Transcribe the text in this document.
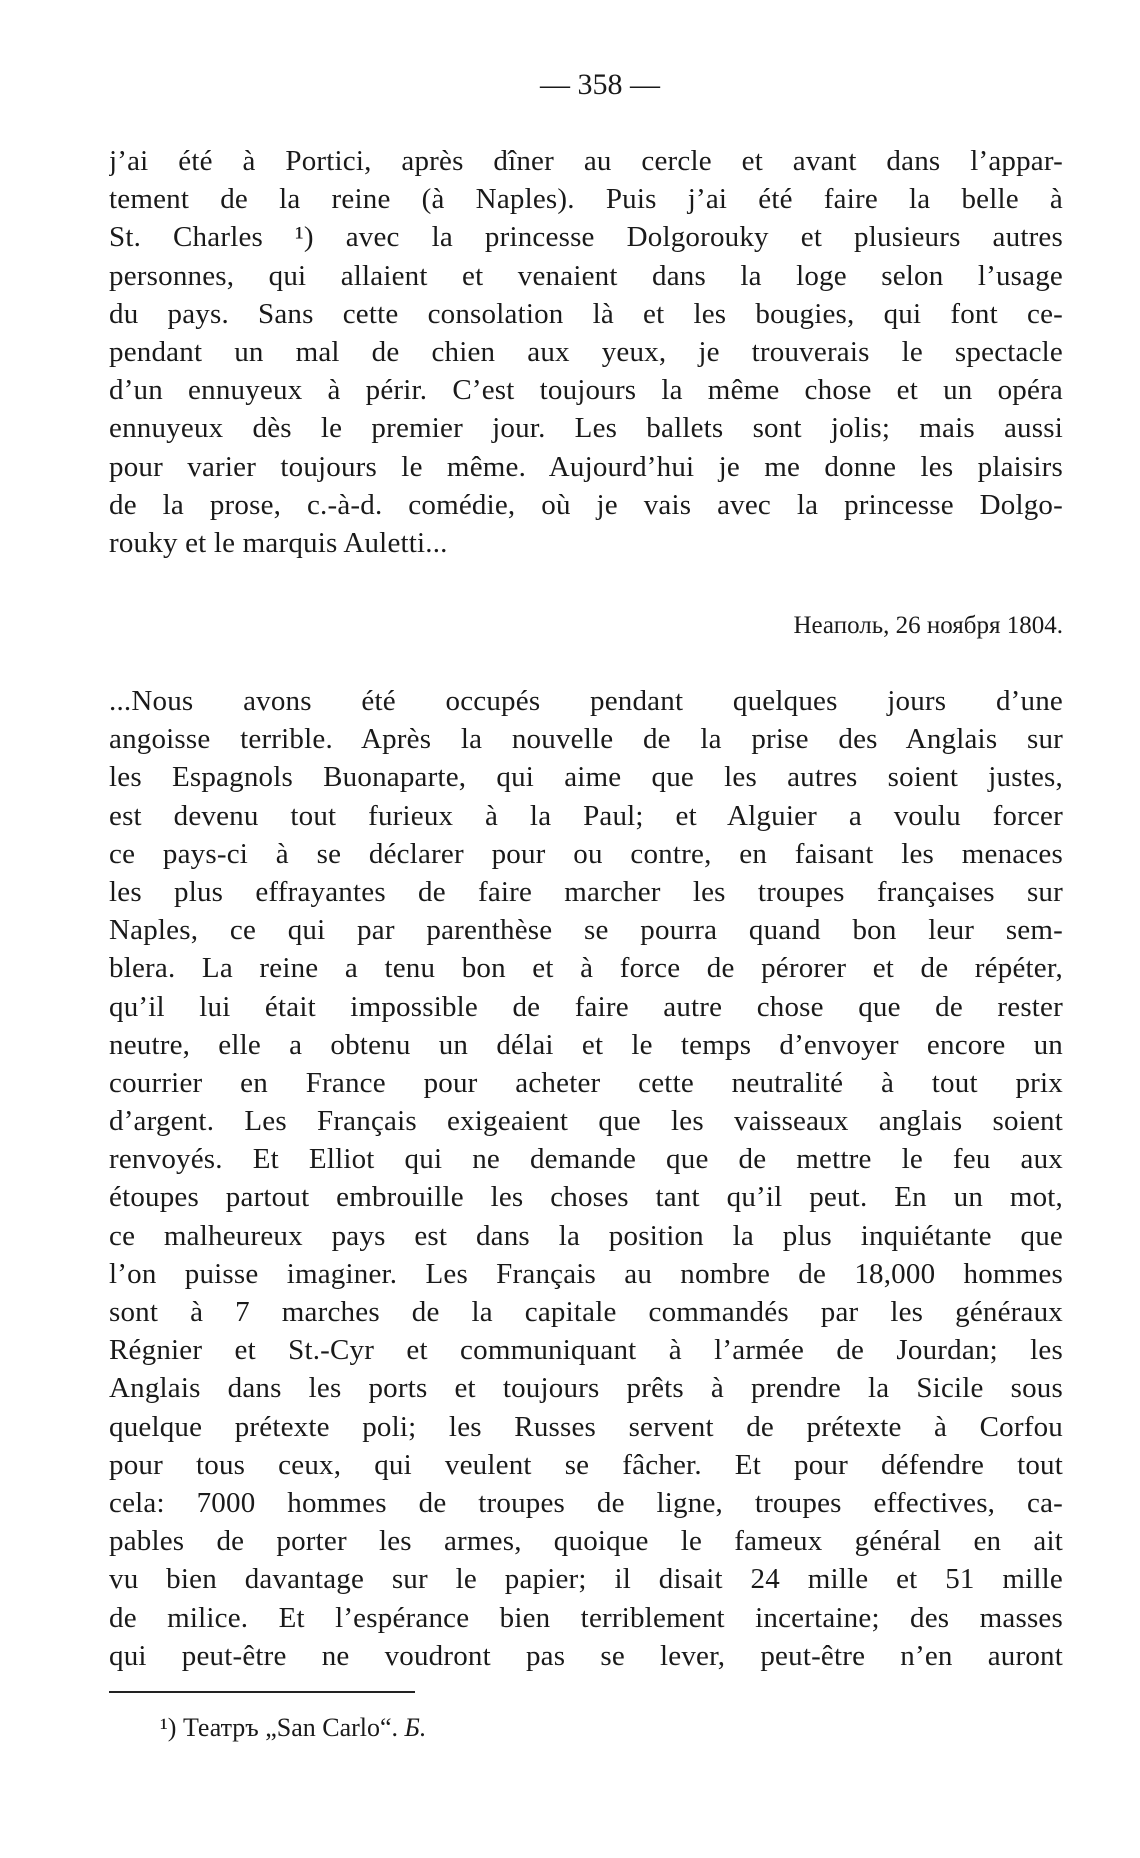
— 358 —
j’ai été à Portici, après dîner au cercle et avant dans l’appar-
tement de la reine (à Naples). Puis j’ai été faire la belle à
St. Charles ¹) avec la princesse Dolgorouky et plusieurs autres
personnes, qui allaient et venaient dans la loge selon l’usage
du pays. Sans cette consolation là et les bougies, qui font ce-
pendant un mal de chien aux yeux, je trouverais le spectacle
d’un ennuyeux à périr. C’est toujours la même chose et un opéra
ennuyeux dès le premier jour. Les ballets sont jolis; mais aussi
pour varier toujours le même. Aujourd’hui je me donne les plaisirs
de la prose, c.-à-d. comédie, où je vais avec la princesse Dolgo-
rouky et le marquis Auletti...
Неаполь, 26 ноября 1804.
...Nous avons été occupés pendant quelques jours d’une
angoisse terrible. Après la nouvelle de la prise des Anglais sur
les Espagnols Buonaparte, qui aime que les autres soient justes,
est devenu tout furieux à la Paul; et Alguier a voulu forcer
ce pays-ci à se déclarer pour ou contre, en faisant les menaces
les plus effrayantes de faire marcher les troupes françaises sur
Naples, ce qui par parenthèse se pourra quand bon leur sem-
blera. La reine a tenu bon et à force de pérorer et de répéter,
qu’il lui était impossible de faire autre chose que de rester
neutre, elle a obtenu un délai et le temps d’envoyer encore un
courrier en France pour acheter cette neutralité à tout prix
d’argent. Les Français exigeaient que les vaisseaux anglais soient
renvoyés. Et Elliot qui ne demande que de mettre le feu aux
étoupes partout embrouille les choses tant qu’il peut. En un mot,
ce malheureux pays est dans la position la plus inquiétante que
l’on puisse imaginer. Les Français au nombre de 18,000 hommes
sont à 7 marches de la capitale commandés par les généraux
Régnier et St.-Cyr et communiquant à l’armée de Jourdan; les
Anglais dans les ports et toujours prêts à prendre la Sicile sous
quelque prétexte poli; les Russes servent de prétexte à Corfou
pour tous ceux, qui veulent se fâcher. Et pour défendre tout
cela: 7000 hommes de troupes de ligne, troupes effectives, ca-
pables de porter les armes, quoique le fameux général en ait
vu bien davantage sur le papier; il disait 24 mille et 51 mille
de milice. Et l’espérance bien terriblement incertaine; des masses
qui peut-être ne voudront pas se lever, peut-être n’en auront
¹) Театръ „San Carlo“. Б.
